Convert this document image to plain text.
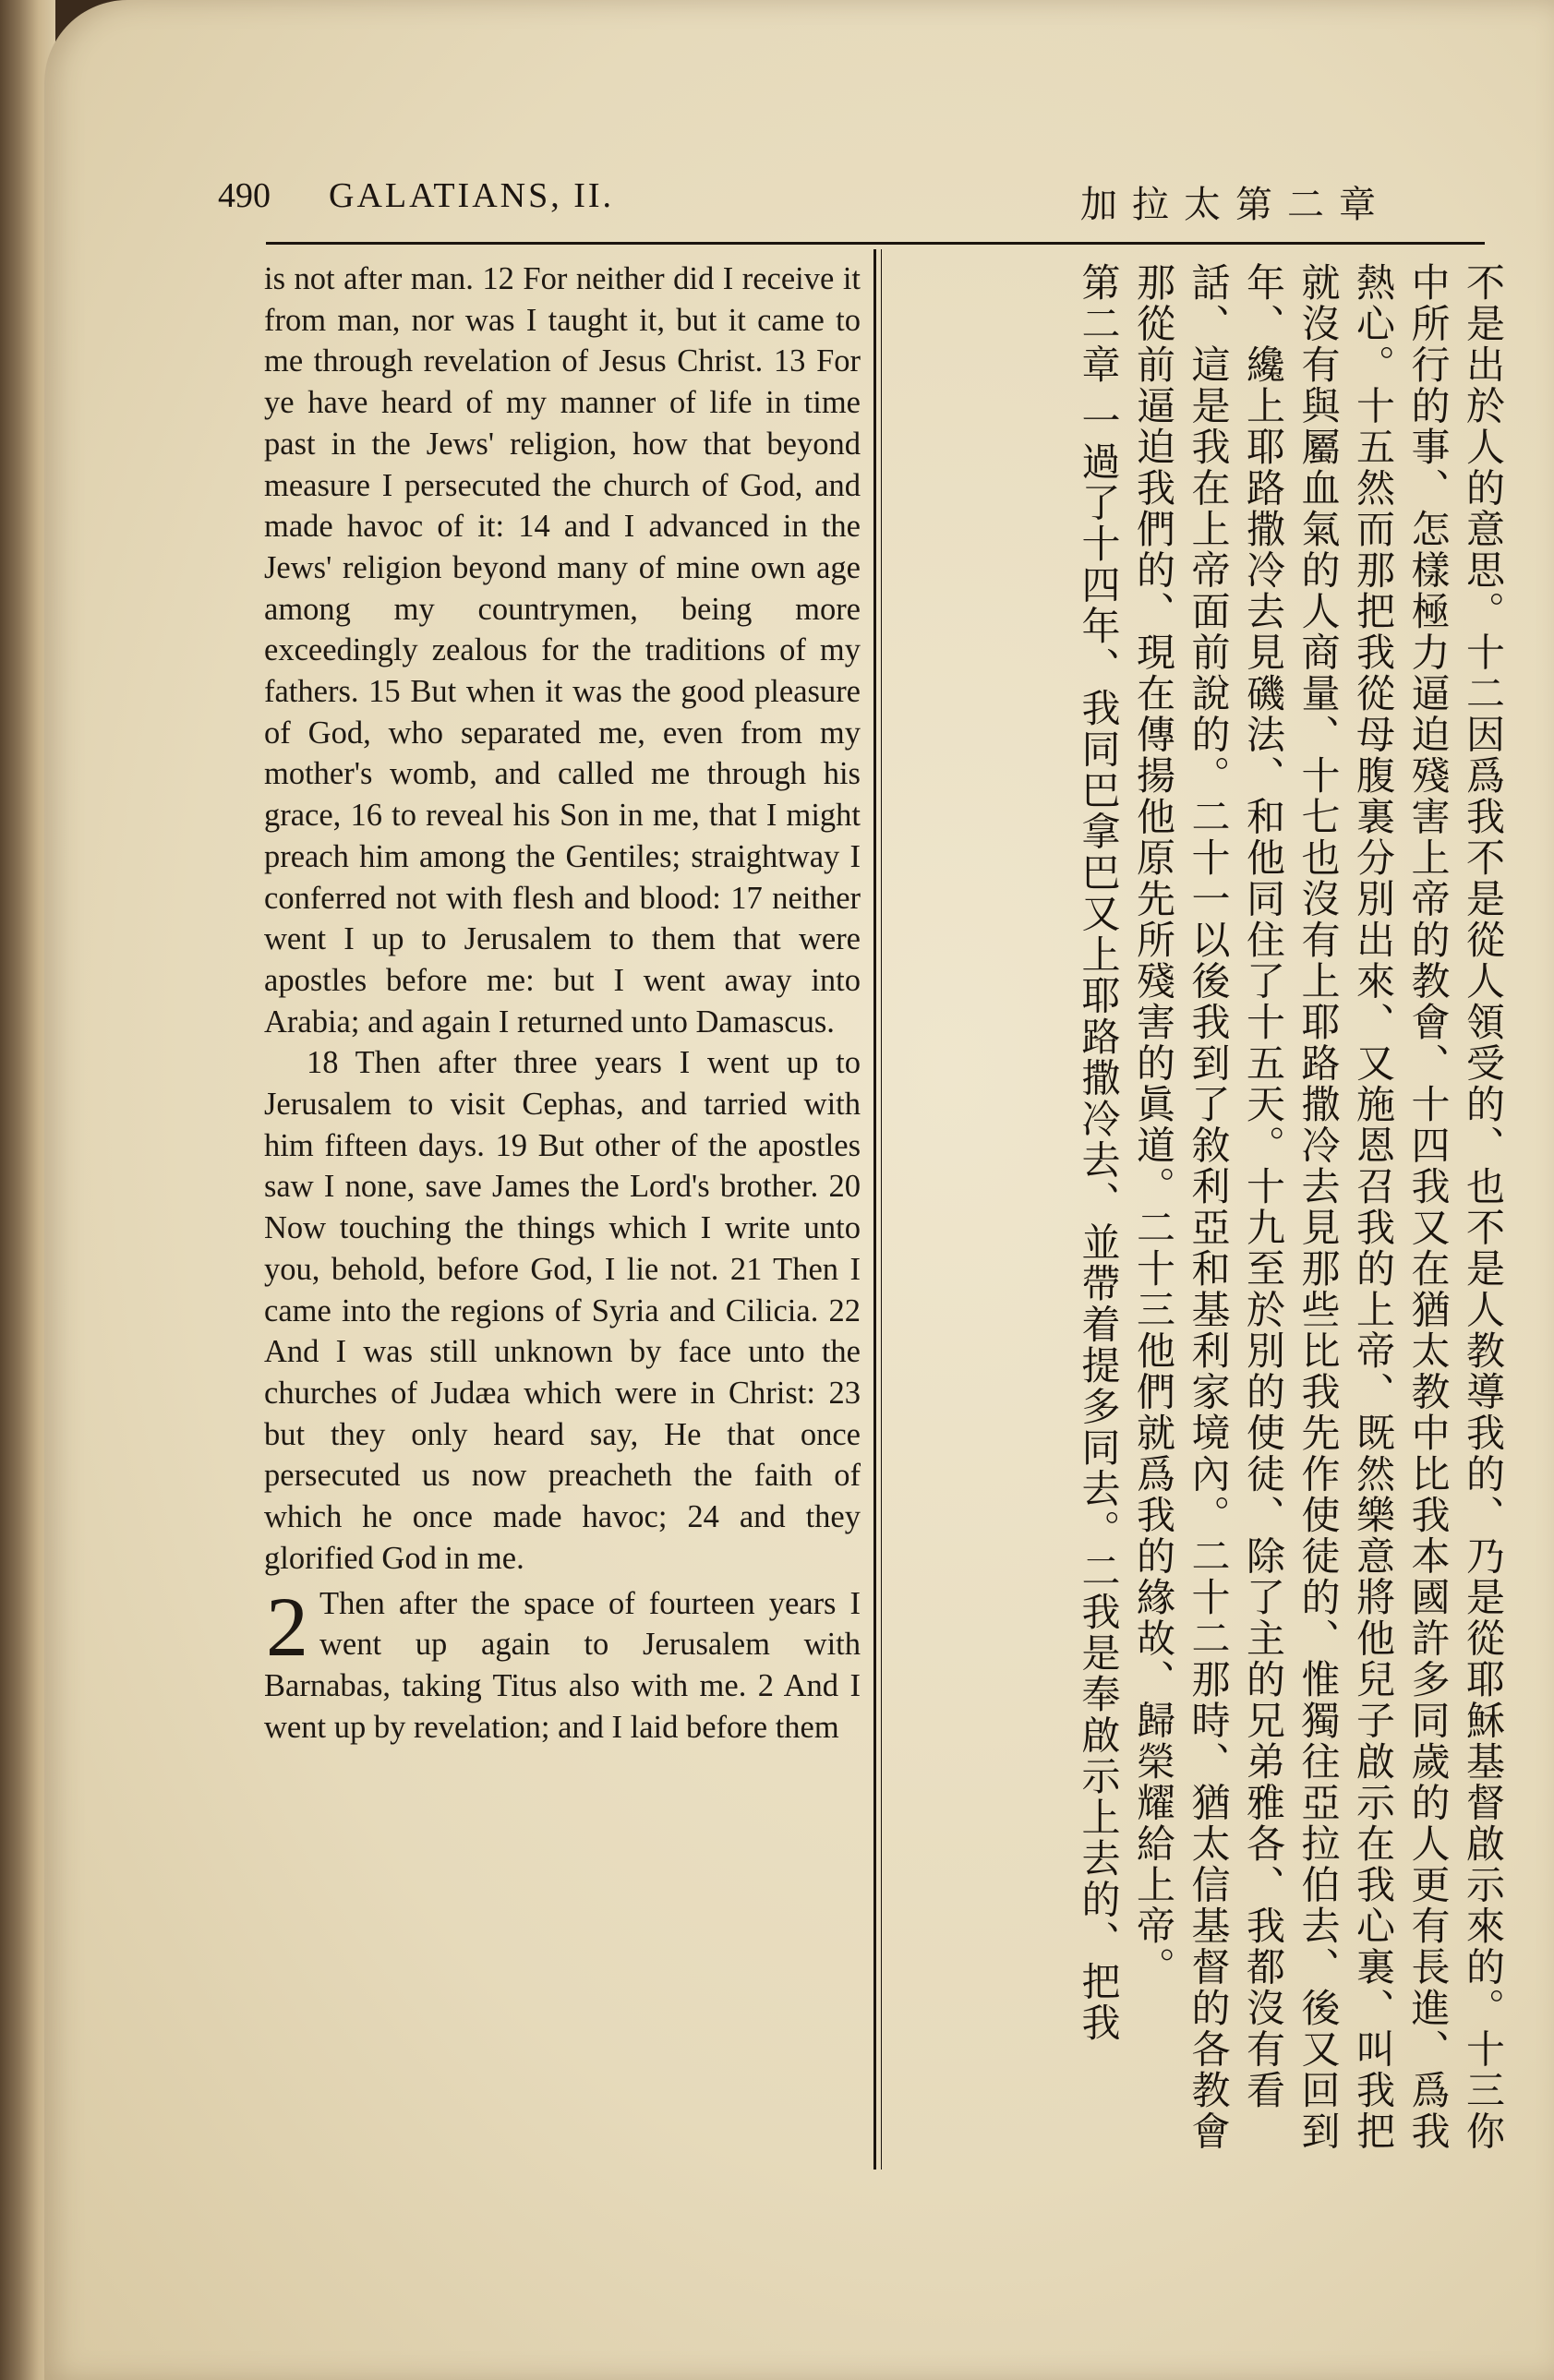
490 GALATIANS, II.	加拉太第二章

is not after man. 12 For neither did I receive it from man, nor was I taught it, but it came to me through revelation of Jesus Christ. 13 For ye have heard of my manner of life in time past in the Jews' religion, how that beyond measure I persecuted the church of God, and made havoc of it: 14 and I advanced in the Jews' religion beyond many of mine own age among my countrymen, being more exceedingly zealous for the traditions of my fathers. 15 But when it was the good pleasure of God, who separated me, even from my mother's womb, and called me through his grace, 16 to reveal his Son in me, that I might preach him among the Gentiles; straightway I conferred not with flesh and blood: 17 neither went I up to Jerusalem to them that were apostles before me: but I went away into Arabia; and again I returned unto Damascus.

18 Then after three years I went up to Jerusalem to visit Cephas, and tarried with him fifteen days. 19 But other of the apostles saw I none, save James the Lord's brother. 20 Now touching the things which I write unto you, behold, before God, I lie not. 21 Then I came into the regions of Syria and Cilicia. 22 And I was still unknown by face unto the churches of Judæa which were in Christ: 23 but they only heard say, He that once persecuted us now preacheth the faith of which he once made havoc; 24 and they glorified God in me.

2 Then after the space of fourteen years I went up again to Jerusalem with Barnabas, taking Titus also with me. 2 And I went up by revelation; and I laid before them

不是出於人的意思。十二因爲我不是從人領受的、也不是人教導我的、乃是從耶穌基督啟示來的。十三你
中所行的事、怎樣極力逼迫殘害上帝的教會、十四我又在猶太教中比我本國許多同歲的人更有長進、爲我
熱心。十五然而那把我從母腹裏分別出來、又施恩召我的上帝、既然樂意將他兒子啟示在我心裏、叫我把
就沒有與屬血氣的人商量、十七也沒有上耶路撒冷去見那些比我先作使徒的、惟獨往亞拉伯去、後又回到
年、纔上耶路撒冷去見磯法、和他同住了十五天。十九至於別的使徒、除了主的兄弟雅各、我都沒有看
話、這是我在上帝面前說的。二十一以後我到了敘利亞和基利家境內。二十二那時、猶太信基督的各教會
那從前逼迫我們的、現在傳揚他原先所殘害的眞道。二十三他們就爲我的緣故、歸榮耀給上帝。
第二章 一過了十四年、我同巴拿巴又上耶路撒冷去、並帶着提多同去。二我是奉啟示上去的、把我
